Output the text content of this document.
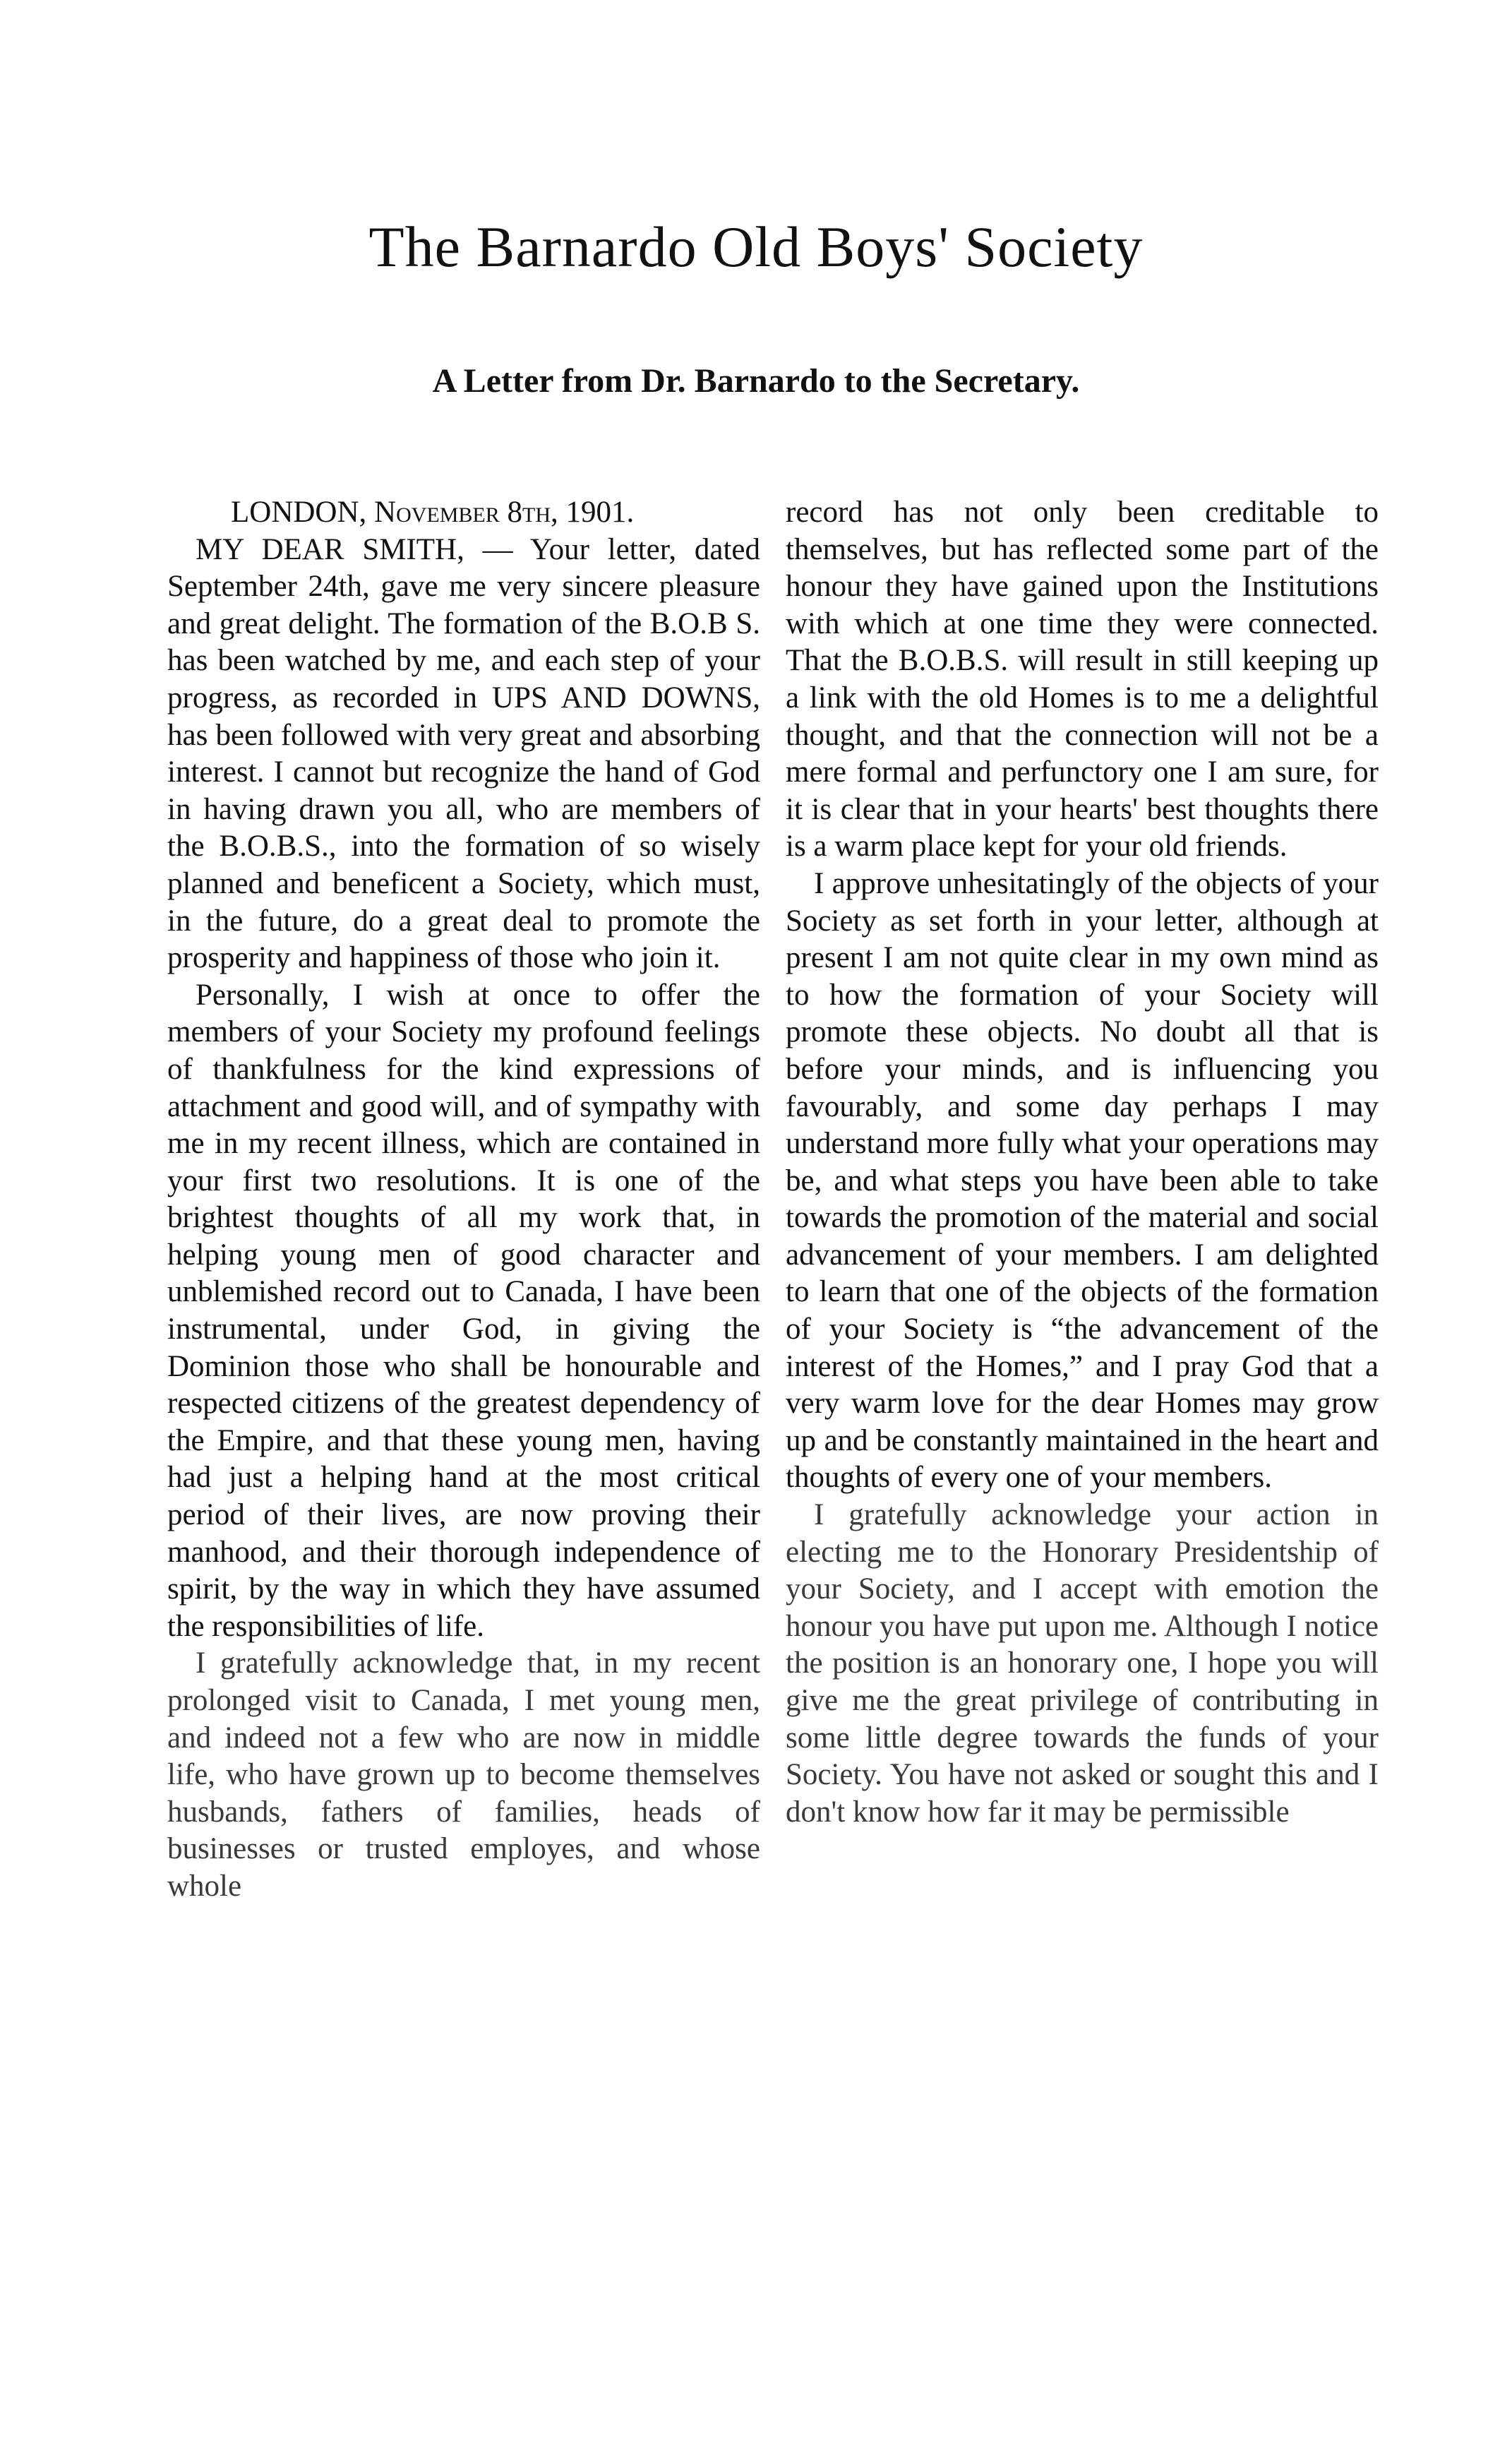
The Barnardo Old Boys' Society
A Letter from Dr. Barnardo to the Secretary.

LONDON, November 8th, 1901.

MY DEAR SMITH, — Your letter, dated September 24th, gave me very sincere pleasure and great delight. The formation of the B.O.B S. has been watched by me, and each step of your progress, as recorded in UPS AND DOWNS, has been followed with very great and absorbing interest. I cannot but recognize the hand of God in having drawn you all, who are members of the B.O.B.S., into the formation of so wisely planned and beneficent a Society, which must, in the future, do a great deal to promote the prosperity and happiness of those who join it.

Personally, I wish at once to offer the members of your Society my profound feelings of thankfulness for the kind expressions of attachment and good will, and of sympathy with me in my recent illness, which are contained in your first two resolutions. It is one of the brightest thoughts of all my work that, in helping young men of good character and unblemished record out to Canada, I have been instrumental, under God, in giving the Dominion those who shall be honourable and respected citizens of the greatest dependency of the Empire, and that these young men, having had just a helping hand at the most critical period of their lives, are now proving their manhood, and their thorough independence of spirit, by the way in which they have assumed the responsibilities of life.

I gratefully acknowledge that, in my recent prolonged visit to Canada, I met young men, and indeed not a few who are now in middle life, who have grown up to become themselves husbands, fathers of families, heads of businesses or trusted employes, and whose whole

record has not only been creditable to themselves, but has reflected some part of the honour they have gained upon the Institutions with which at one time they were connected. That the B.O.B.S. will result in still keeping up a link with the old Homes is to me a delightful thought, and that the connection will not be a mere formal and perfunctory one I am sure, for it is clear that in your hearts' best thoughts there is a warm place kept for your old friends.

I approve unhesitatingly of the objects of your Society as set forth in your letter, although at present I am not quite clear in my own mind as to how the formation of your Society will promote these objects. No doubt all that is before your minds, and is influencing you favourably, and some day perhaps I may understand more fully what your operations may be, and what steps you have been able to take towards the promotion of the material and social advancement of your members. I am delighted to learn that one of the objects of the formation of your Society is “the advancement of the interest of the Homes,” and I pray God that a very warm love for the dear Homes may grow up and be constantly maintained in the heart and thoughts of every one of your members.

I gratefully acknowledge your action in electing me to the Honorary Presidentship of your Society, and I accept with emotion the honour you have put upon me. Although I notice the position is an honorary one, I hope you will give me the great privilege of contributing in some little degree towards the funds of your Society. You have not asked or sought this and I don't know how far it may be permissible
